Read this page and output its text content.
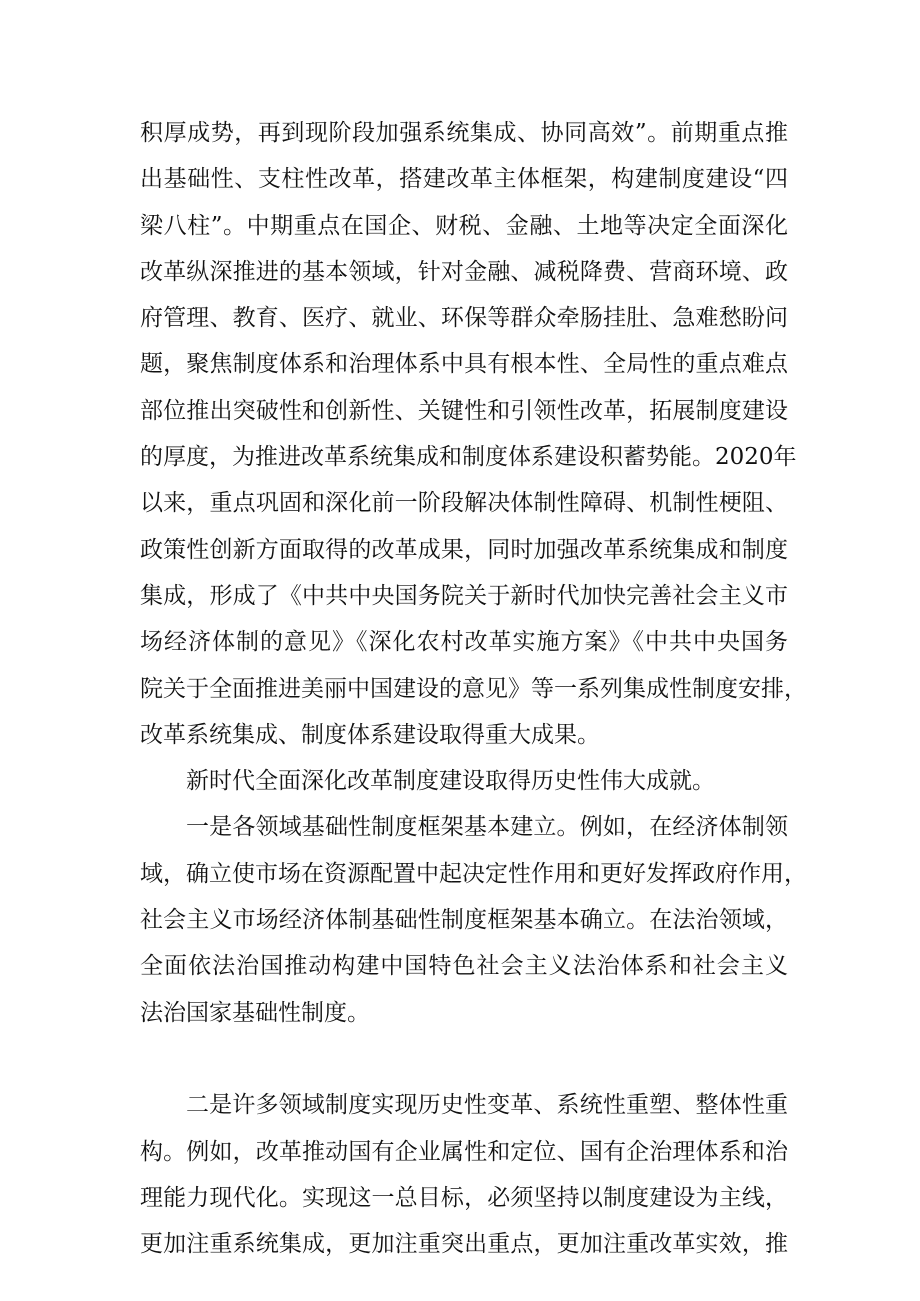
积厚成势，再到现阶段加强系统集成、协同高效”。前期重点推
出基础性、支柱性改革，搭建改革主体框架，构建制度建设“四
梁八柱”。中期重点在国企、财税、金融、土地等决定全面深化
改革纵深推进的基本领域，针对金融、减税降费、营商环境、政
府管理、教育、医疗、就业、环保等群众牵肠挂肚、急难愁盼问
题，聚焦制度体系和治理体系中具有根本性、全局性的重点难点
部位推出突破性和创新性、关键性和引领性改革，拓展制度建设
的厚度，为推进改革系统集成和制度体系建设积蓄势能。2020年
以来，重点巩固和深化前一阶段解决体制性障碍、机制性梗阻、
政策性创新方面取得的改革成果，同时加强改革系统集成和制度
集成，形成了《中共中央国务院关于新时代加快完善社会主义市
场经济体制的意见》《深化农村改革实施方案》《中共中央国务
院关于全面推进美丽中国建设的意见》等一系列集成性制度安排，
改革系统集成、制度体系建设取得重大成果。
新时代全面深化改革制度建设取得历史性伟大成就。
一是各领域基础性制度框架基本建立。例如，在经济体制领
域，确立使市场在资源配置中起决定性作用和更好发挥政府作用，
社会主义市场经济体制基础性制度框架基本确立。在法治领域，
全面依法治国推动构建中国特色社会主义法治体系和社会主义
法治国家基础性制度。
二是许多领域制度实现历史性变革、系统性重塑、整体性重
构。例如，改革推动国有企业属性和定位、国有企治理体系和治
理能力现代化。实现这一总目标，必须坚持以制度建设为主线，
更加注重系统集成，更加注重突出重点，更加注重改革实效，推
